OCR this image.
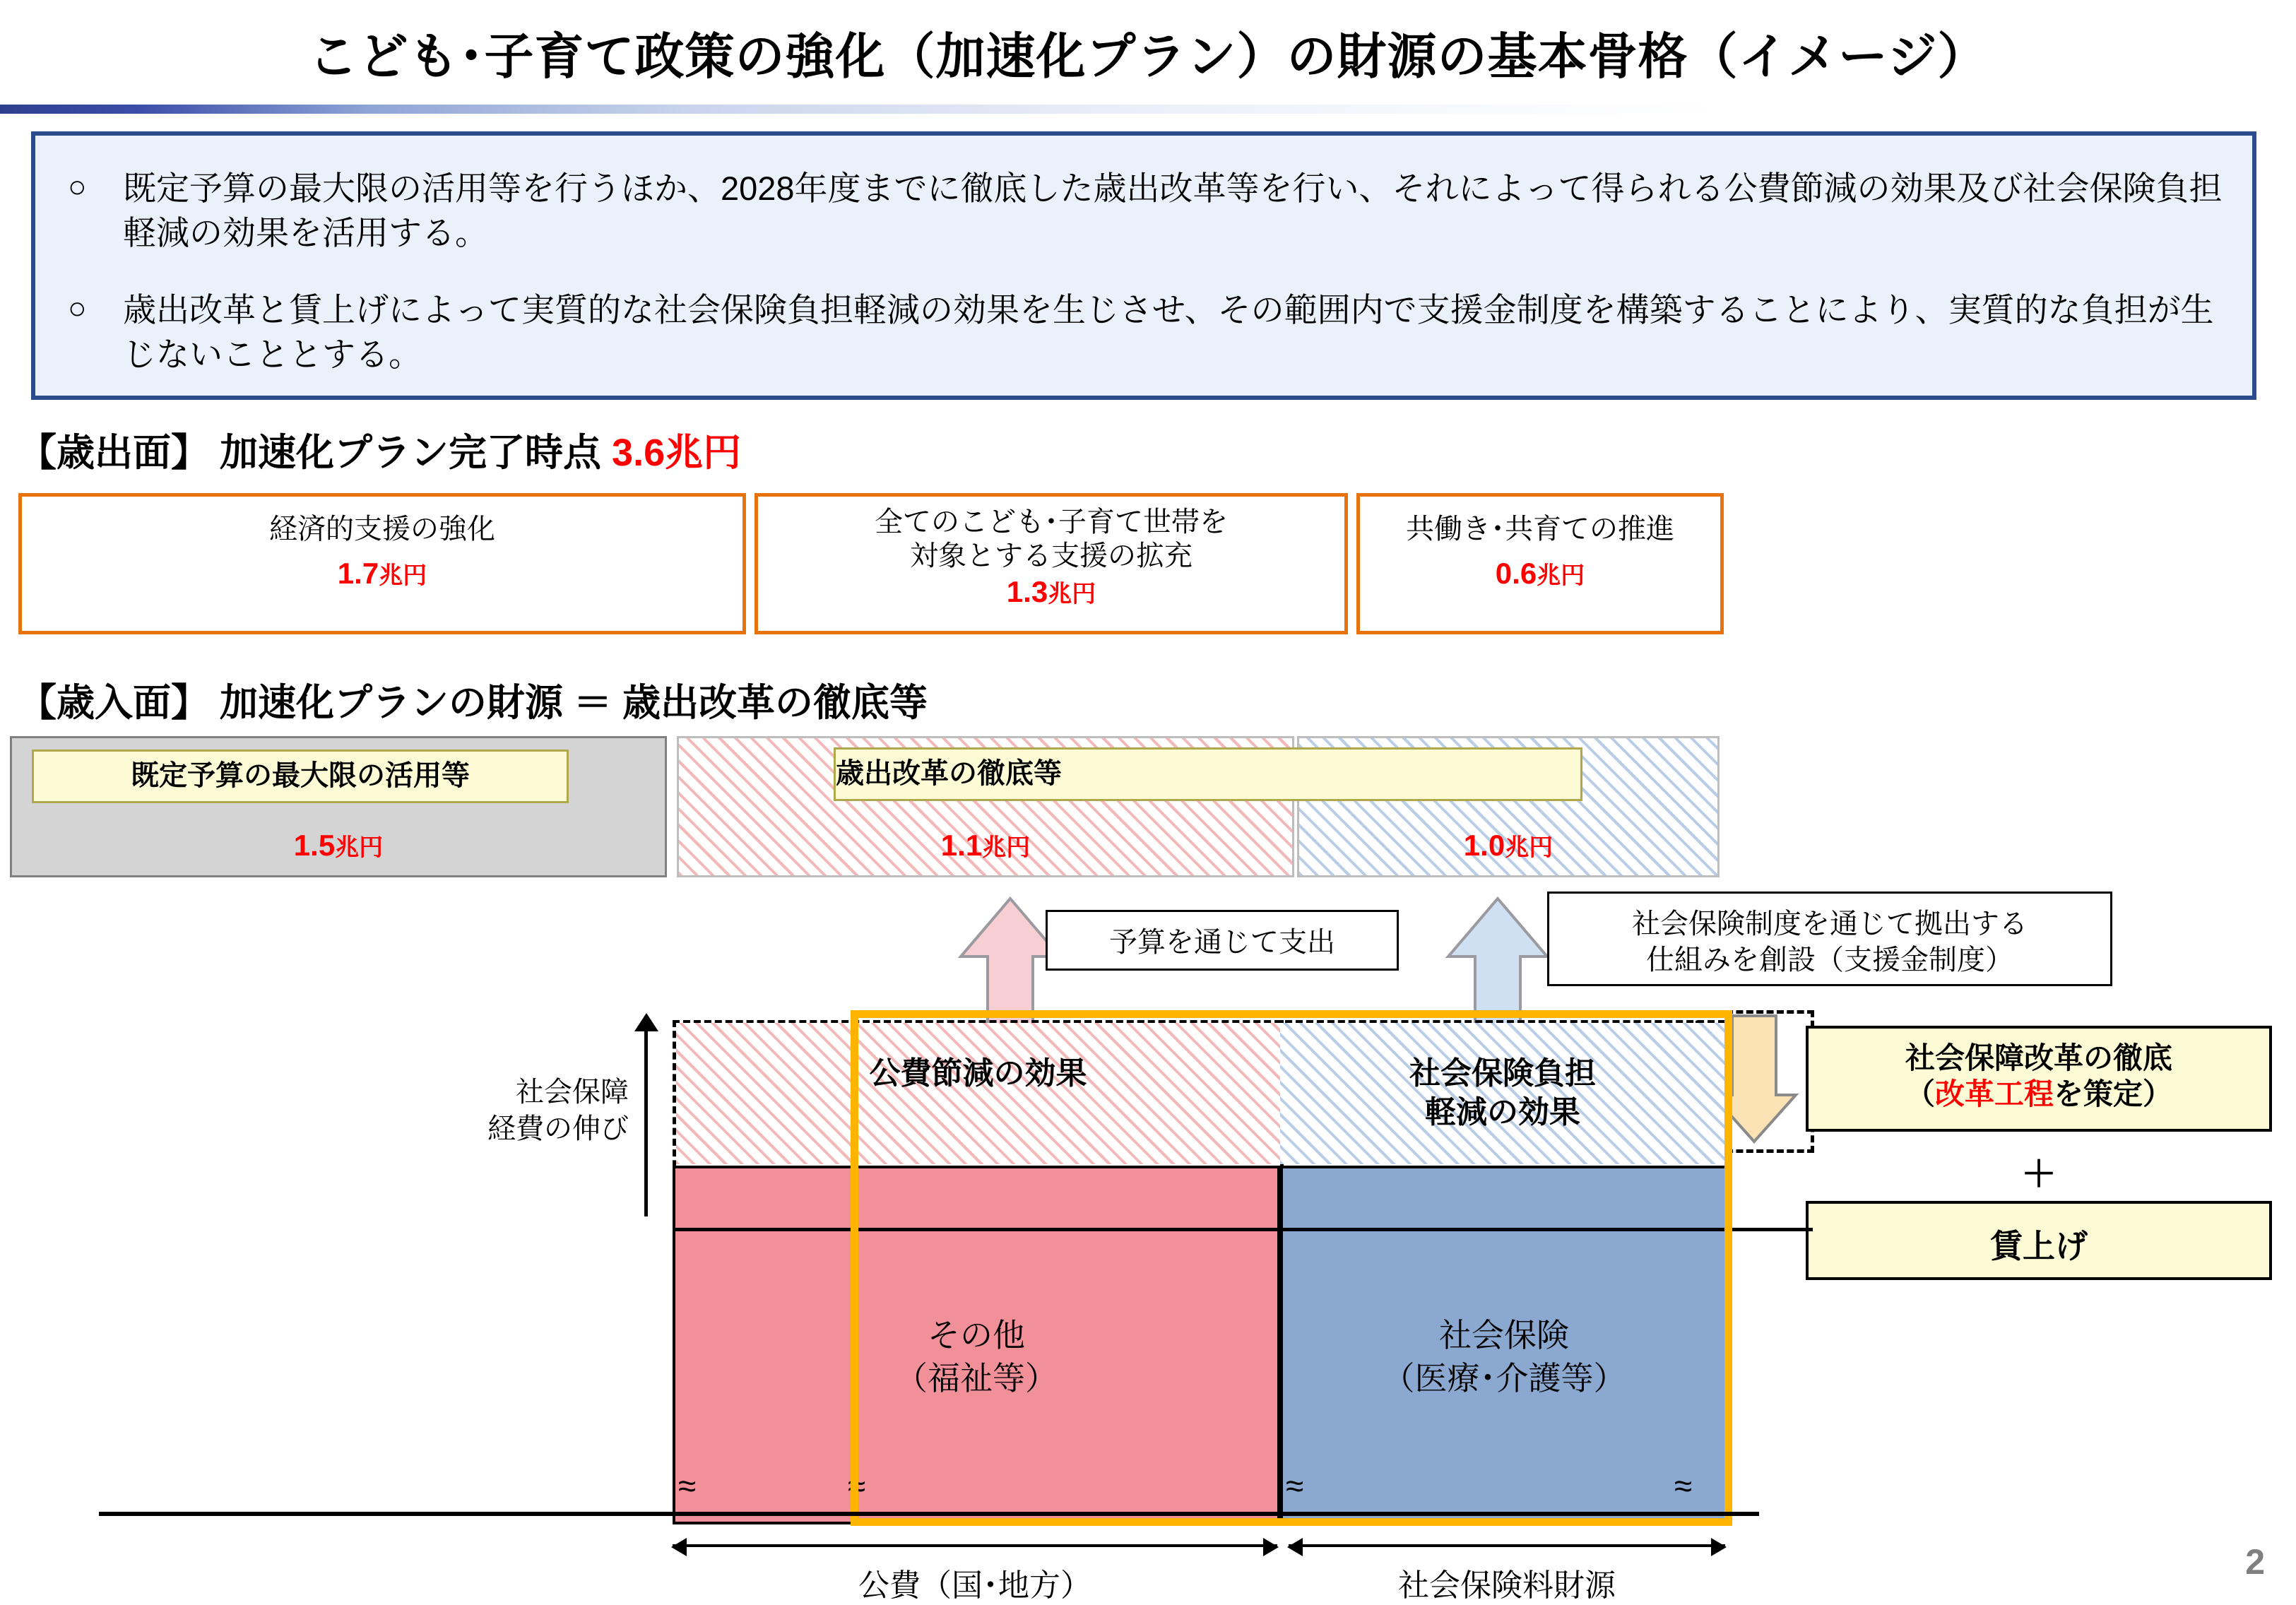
こども･子育て政策の強化（加速化プラン）の財源の基本骨格（イメージ）
○ 既定予算の最大限の活用等を行うほか、2028年度までに徹底した歳出改革等を行い、それによって得られる公費節減の効果及び社会保険負担軽減の効果を活用する。
○ 歳出改革と賃上げによって実質的な社会保険負担軽減の効果を生じさせ、その範囲内で支援金制度を構築することにより、実質的な負担が生じないこととする。
【歳出面】 加速化プラン完了時点 3.6兆円
経済的支援の強化
1.7兆円
全てのこども･子育て世帯を
対象とする支援の拡充
1.3兆円
共働き･共育ての推進
0.6兆円
【歳入面】 加速化プランの財源 ＝ 歳出改革の徹底等
既定予算の最大限の活用等
1.5兆円	1.1兆円	1.0兆円
歳出改革の徹底等
予算を通じて支出
社会保険制度を通じて拠出する
仕組みを創設（支援金制度）
社会保障改革の徹底
（改革工程を策定）
＋
賃上げ
社会保障
経費の伸び
公費節減の効果	社会保険負担
軽減の効果
その他
（福祉等）
社会保険
（医療･介護等）
≈	≈	≈	≈
公費（国･地方）	社会保険料財源
2
